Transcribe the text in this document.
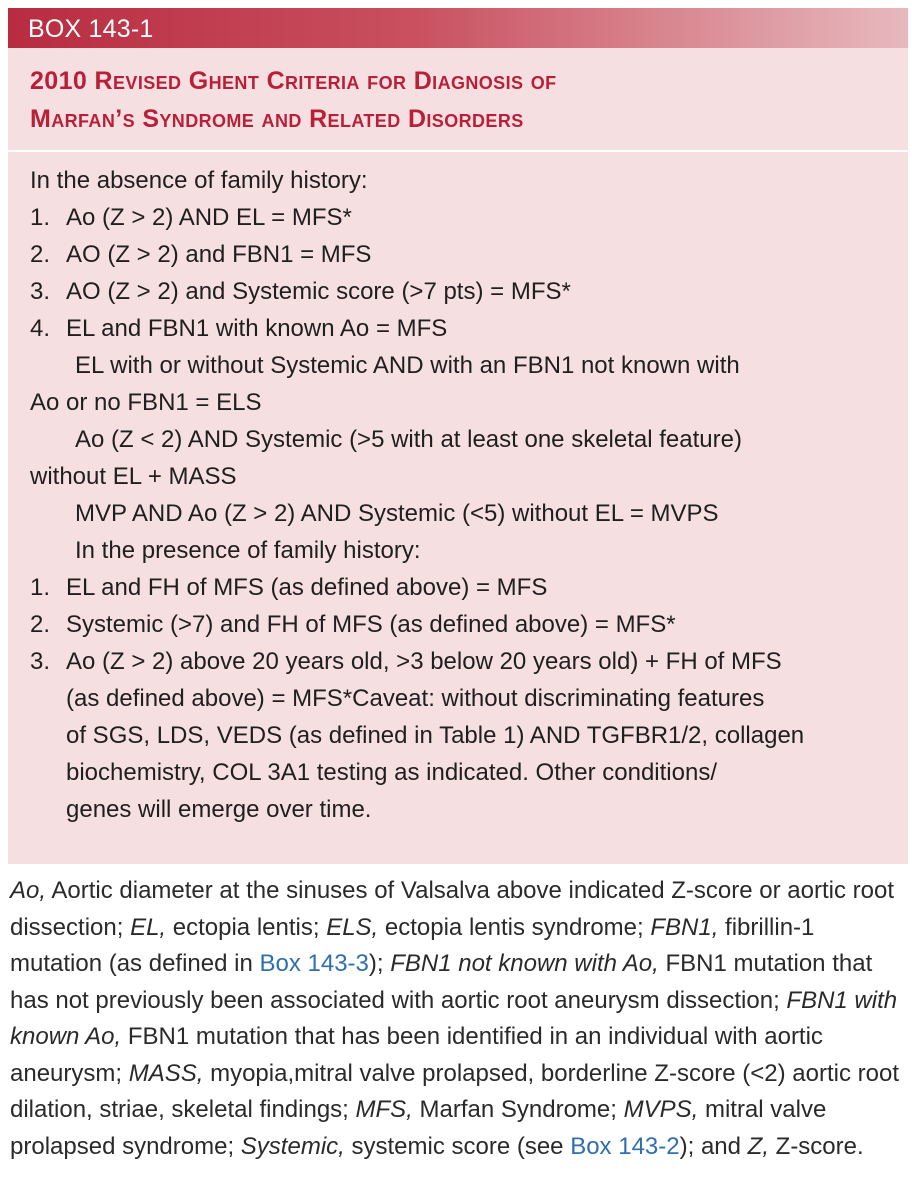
BOX 143-1
2010 Revised Ghent Criteria for Diagnosis of
Marfan’s Syndrome and Related Disorders
In the absence of family history:
1. Ao (Z > 2) AND EL = MFS*
2. AO (Z > 2) and FBN1 = MFS
3. AO (Z > 2) and Systemic score (>7 pts) = MFS*
4. EL and FBN1 with known Ao = MFS
EL with or without Systemic AND with an FBN1 not known with
Ao or no FBN1 = ELS
Ao (Z < 2) AND Systemic (>5 with at least one skeletal feature)
without EL + MASS
MVP AND Ao (Z > 2) AND Systemic (<5) without EL = MVPS
In the presence of family history:
1. EL and FH of MFS (as defined above) = MFS
2. Systemic (>7) and FH of MFS (as defined above) = MFS*
3. Ao (Z > 2) above 20 years old, >3 below 20 years old) + FH of MFS
(as defined above) = MFS*Caveat: without discriminating features
of SGS, LDS, VEDS (as defined in Table 1) AND TGFBR1/2, collagen
biochemistry, COL 3A1 testing as indicated. Other conditions/
genes will emerge over time.
Ao, Aortic diameter at the sinuses of Valsalva above indicated Z-score or aortic root dissection; EL, ectopia lentis; ELS, ectopia lentis syndrome; FBN1, fibrillin-1 mutation (as defined in Box 143-3); FBN1 not known with Ao, FBN1 mutation that has not previously been associated with aortic root aneurysm dissection; FBN1 with known Ao, FBN1 mutation that has been identified in an individual with aortic aneurysm; MASS, myopia,mitral valve prolapsed, borderline Z-score (<2) aortic root dilation, striae, skeletal findings; MFS, Marfan Syndrome; MVPS, mitral valve prolapsed syndrome; Systemic, systemic score (see Box 143-2); and Z, Z-score.
